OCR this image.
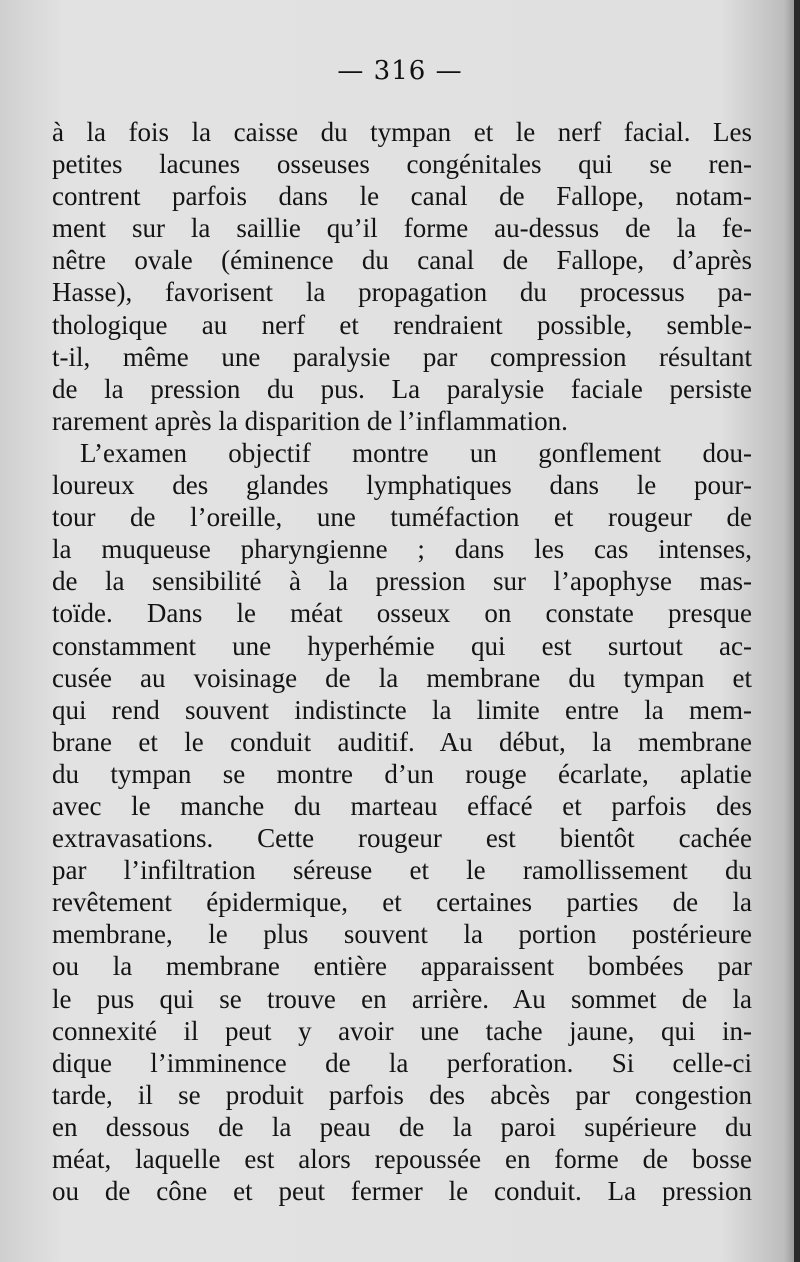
— 316 —
à la fois la caisse du tympan et le nerf facial. Les
petites lacunes osseuses congénitales qui se ren-
contrent parfois dans le canal de Fallope, notam-
ment sur la saillie qu’il forme au-dessus de la fe-
nêtre ovale (éminence du canal de Fallope, d’après
Hasse), favorisent la propagation du processus pa-
thologique au nerf et rendraient possible, semble-
t-il, même une paralysie par compression résultant
de la pression du pus. La paralysie faciale persiste
rarement après la disparition de l’inflammation.
L’examen objectif montre un gonflement dou-
loureux des glandes lymphatiques dans le pour-
tour de l’oreille, une tuméfaction et rougeur de
la muqueuse pharyngienne ; dans les cas intenses,
de la sensibilité à la pression sur l’apophyse mas-
toïde. Dans le méat osseux on constate presque
constamment une hyperhémie qui est surtout ac-
cusée au voisinage de la membrane du tympan et
qui rend souvent indistincte la limite entre la mem-
brane et le conduit auditif. Au début, la membrane
du tympan se montre d’un rouge écarlate, aplatie
avec le manche du marteau effacé et parfois des
extravasations. Cette rougeur est bientôt cachée
par l’infiltration séreuse et le ramollissement du
revêtement épidermique, et certaines parties de la
membrane, le plus souvent la portion postérieure
ou la membrane entière apparaissent bombées par
le pus qui se trouve en arrière. Au sommet de la
connexité il peut y avoir une tache jaune, qui in-
dique l’imminence de la perforation. Si celle-ci
tarde, il se produit parfois des abcès par congestion
en dessous de la peau de la paroi supérieure du
méat, laquelle est alors repoussée en forme de bosse
ou de cône et peut fermer le conduit. La pression
